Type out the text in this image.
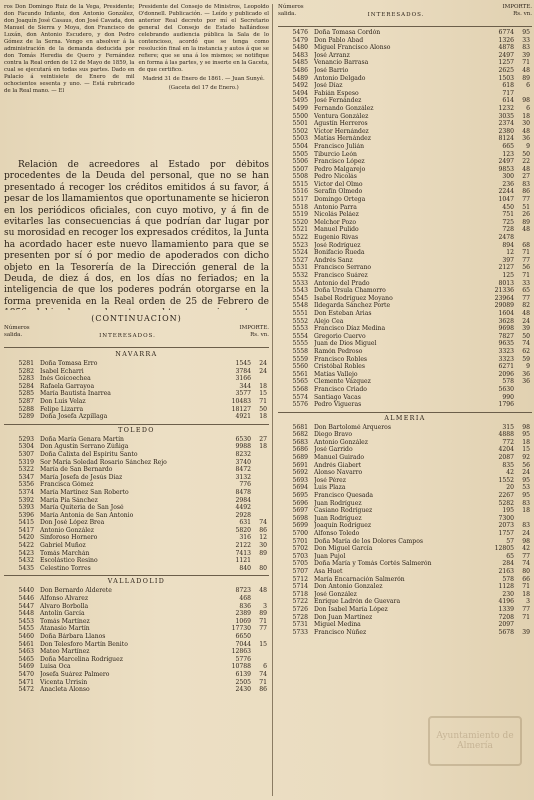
ros Don Domingo Ruiz de la Vega, Presidente; don Facundo Infante, don Antonio González, don Joaquín José Casaus, don José Cavada, don Manuel de Sierra y Moya, don Francisco de Luxán, don Antonio Escudero, y don Pedro Gómez de la Serna. Vengo en absolver á la administración de la demanda deducida por don Tomás Heredia de Quero y Fernández contra la Real orden de 12 de Mayo de 1859, la cual se ejecutará en todas sus partes. Dado en Palacio á veintisiete de Enero de mil ochocientos sesenta y uno. — Está rubricado de la Real mano. — El

Presidente del Consejo de Ministros, Leopoldo O'donnell. Publicación. — Leído y publicado el anterior Real decreto por mí el Secretario general del Consejo de Estado hallándose celebrando audiencia pública la Sala de lo contencioso, acordó que se tenga como resolución final en la instancia y autos á que se refiere; que se una á los mismos; se notifique en forma á las partes, y se inserte en la Gaceta, de que certifico.

Madrid 31 de Enero de 1861. — Juan Sunyé.
(Gaceta del 17 de Enero.)
Relación de acreedores al Estado por débitos procedentes de la Deuda del personal, que no se han presentado á recoger los créditos emitidos á su favor, á pesar de los llamamientos que oportunamente se hicieron en los periódicos oficiales, con cuyo motivo, y á fin de evitarles las consecuencias á que podrían dar lugar por su morosidad en recoger los expresados créditos, la Junta ha acordado hacer este nuevo llamamiento para que se presenten por sí ó por medio de apoderados con dicho objeto en la Tesorería de la Dirección general de la Deuda, de diez á dos, en los días no feriados; en la inteligencia de que los poderes podrán otorgarse en la forma prevenida en la Real orden de 25 de Febrero de
(CONTINUACION)
Números
salida.	INTERESADOS.
IMPORTE.
Rs. vn.
NAVARRA
5281 Doña Tomasa Erro	1545	24
5282 Isabel Echarri	3784	24
5283 Inés Goicoechea	3166
5284 Rafaela Garrayoa	344	18
5285 María Bautista Inarrea	3577	15
5287 Don Luis Velaz	10483	71
5288 Felipe Lizarra	18127	50
5289 Doña Josefa Azpillaga	4921	18
TOLEDO
5293 Doña María Genara Martín	6530	27
5304 Don Agustín Serrano Zúñiga	9988	18
5307 Doña Calixta del Espíritu Santo	8232
5319 Sor María Soledad Rosario Sánchez Rejo	3740
5322 María de San Bernardo	8472
5347 María Josefa de Jesús Díaz	3132
5356 Francisca Gómez	776
5374 María Martínez San Roberto	8478
5392 María Pía Sánchez	2984
5393 María Quiteria de San José	4492
5396 María Antonia de San Antonio	2928
5415 Don José López Brea	631	74
5417 Antonio González	5820	86
5420 Sinforoso Hornero	316	12
5422 Gabriel Muñoz	2122	30
5423 Tomás Marchán	7413	89
5432 Escolástico Resino	1121
5435 Celestino Torres	840	80
VALLADOLID
5440 Don Bernardo Alderete	8723	48
5446 Alfonso Álvarez	468
5447 Álvaro Borbolla	836	3
5448 Antolín García	2389	89
5453 Tomás Martínez	1069	71
5455 Atanasio Martín	17730	77
5460 Doña Bárbara Llanos	6650
5461 Don Telesforo Martín Benito	7044	15
5463 Mateo Martínez	12863
5465 Doña Marcelina Rodríguez	5776
5469 Luisa Oca	10788	6
5470 Josefa Suárez Palmero	6139	74
5471 Vicenta Urrisín	2505	71
5472 Anacleta Alonso	2430	86
Números
salida.	INTERESADOS.
IMPORTE.
Rs. vn.
5476 Doña Tomasa Cordón	6774	95
5479 Don Pablo Abad	1326	33
5480 Miguel Francisco Alonso	4878	83
5483 José Arranz	2497	39
5485 Venancio Barrasa	1257	71
5486 José Barrio	2625	48
5489 Antonio Delgado	1503	89
5492 José Díaz	618	6
5494 Fabián Espeso	717
5495 José Fernández	614	98
5499 Fernando González	1232	6
5500 Ventura González	3035	18
5501 Agustín Herreros	2374	30
5502 Víctor Hernández	2380	48
5503 Matías Hernández	8124	36
5504 Francisco Julián	665	9
5505 Tiburcio León	123	50
5506 Francisco López	2497	22
5507 Pedro Malgarejo	9853	48
5508 Pedro Nicolás	300	27
5515 Víctor del Olmo	236	83
5516 Serafín Olmedo	2244	86
5517 Domingo Ortega	1047	77
5518 Antonio Parra	450	51
5519 Nicolás Peláez	751	26
5520 Melchor Pozo	725	89
5521 Manuel Pulido	728	48
5522 Eugenio Rivas	2478
5523 José Rodríguez	894	68
5524 Bonifacio Rueda	12	71
5527 Andrés Sanz	397	77
5531 Francisco Serrano	2127	56
5532 Francisco Suárez	125	71
5533 Antonio del Prado	8013	33
5543 Doña Úrsula Chamorro	21336	65
5545 Isabel Rodríguez Moyano	23964	77
5548 Ildegarda Sánchez Porte	29089	82
5551 Don Esteban Arias	1604	48
5552 Alejo Cea	3628	24
5553 Francisco Díaz Medina	9698	39
5554 Gregorio Cuervo	7827	50
5555 Juan de Dios Miguel	9635	74
5558 Ramón Pedroso	3323	62
5559 Francisco Robles	3323	59
5560 Cristóbal Robles	6271	9
5561 Matías Vallejo	2096	36
5565 Clemente Vázquez	578	36
5568 Francisco Criado	5630
5574 Santiago Vacas	990
5576 Pedro Vigueras	1796
ALMERIA
5681 Don Bartolomé Arqueros	315	98
5682 Diego Bravo	4888	95
5683 Antonio González	772	18
5686 José Garrido	4204	15
5689 Manuel Guirado	2087	92
5691 Andrés Giabert	835	56
5692 Alonso Navarro	42	24
5693 José Pérez	1552	95
5694 Luis Plaza	20	53
5695 Francisco Quesada	2267	95
5696 Juan Rodríguez	5282	83
5697 Casiano Rodríguez	195	18
5698 Juan Rodríguez	7300
5699 Joaquín Rodríguez	2073	83
5700 Alfonso Toledo	1757	24
5701 Doña María de los Dolores Campos	57	98
5702 Don Miguel García	12805	42
5703 Juan Pujol	65	77
5705 Doña María y Tomás Cortés Salmerón	284	74
5707 Asa Huet	2163	80
5712 María Encarnación Salmerón	578	66
5714 Don Antonio Gonzalez	1128	71
5718 José González	230	18
5722 Enrique Ladrón de Guevara	4196	3
5726 Don Isabel María López	1339	77
5728 Don Juan Martínez	7208	71
5731 Miguel Medina	2097
5733 Francisco Núñez	5678	39
Ayuntamiento de Almería
